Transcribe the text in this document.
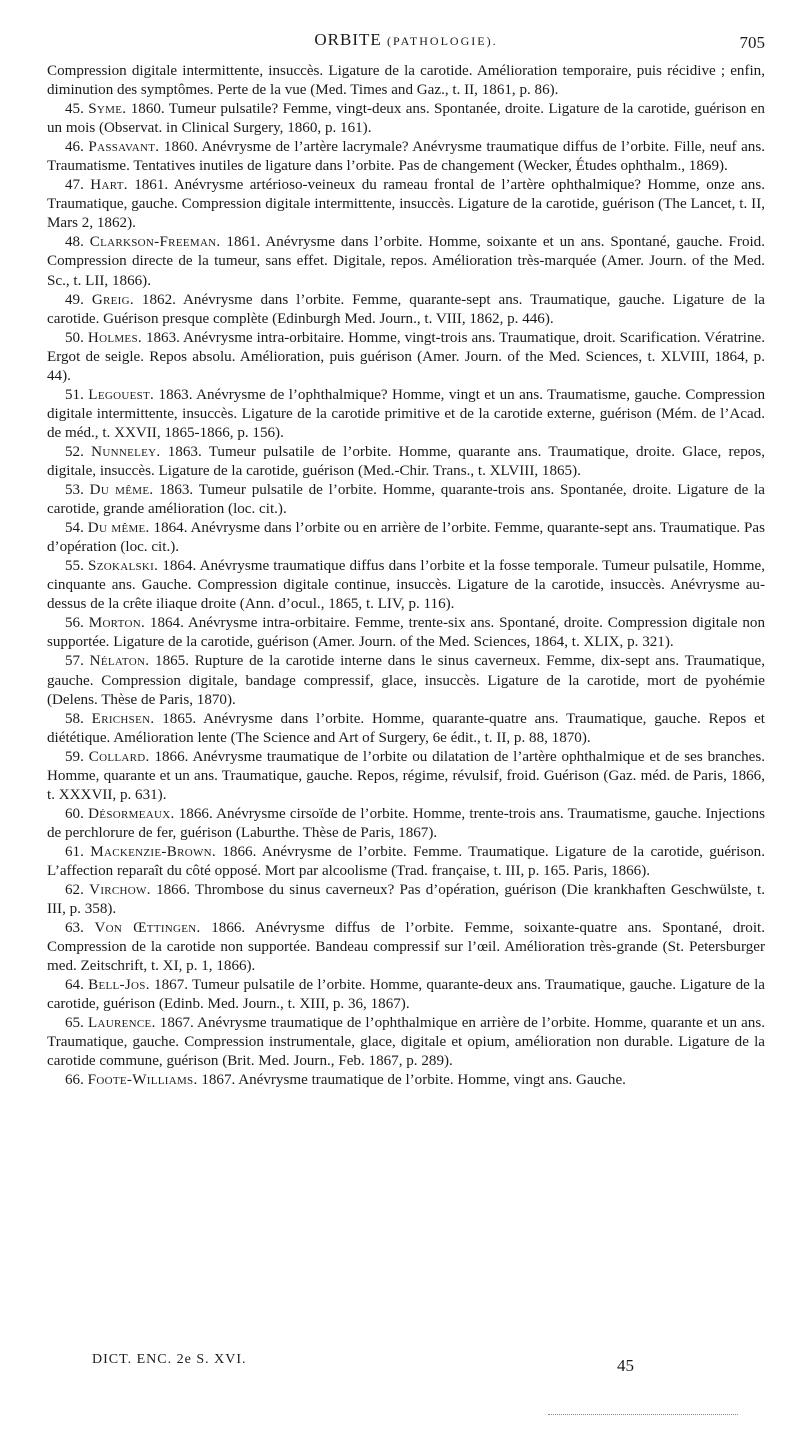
ORBITE (PATHOLOGIE).	705

Compression digitale intermittente, insuccès. Ligature de la carotide. Amélioration temporaire, puis récidive ; enfin, diminution des symptômes. Perte de la vue (Med. Times and Gaz., t. II, 1861, p. 86).

45. Syme. 1860. Tumeur pulsatile? Femme, vingt-deux ans. Spontanée, droite. Ligature de la carotide, guérison en un mois (Observat. in Clinical Surgery, 1860, p. 161).

46. Passavant. 1860. Anévrysme de l’artère lacrymale? Anévrysme traumatique diffus de l’orbite. Fille, neuf ans. Traumatisme. Tentatives inutiles de ligature dans l’orbite. Pas de changement (Wecker, Études ophthalm., 1869).

47. Hart. 1861. Anévrysme artérioso-veineux du rameau frontal de l’artère ophthalmique? Homme, onze ans. Traumatique, gauche. Compression digitale intermittente, insuccès. Ligature de la carotide, guérison (The Lancet, t. II, Mars 2, 1862).

48. Clarkson-Freeman. 1861. Anévrysme dans l’orbite. Homme, soixante et un ans. Spontané, gauche. Froid. Compression directe de la tumeur, sans effet. Digitale, repos. Amélioration très-marquée (Amer. Journ. of the Med. Sc., t. LII, 1866).

49. Greig. 1862. Anévrysme dans l’orbite. Femme, quarante-sept ans. Traumatique, gauche. Ligature de la carotide. Guérison presque complète (Edinburgh Med. Journ., t. VIII, 1862, p. 446).

50. Holmes. 1863. Anévrysme intra-orbitaire. Homme, vingt-trois ans. Traumatique, droit. Scarification. Vératrine. Ergot de seigle. Repos absolu. Amélioration, puis guérison (Amer. Journ. of the Med. Sciences, t. XLVIII, 1864, p. 44).

51. Legouest. 1863. Anévrysme de l’ophthalmique? Homme, vingt et un ans. Traumatisme, gauche. Compression digitale intermittente, insuccès. Ligature de la carotide primitive et de la carotide externe, guérison (Mém. de l’Acad. de méd., t. XXVII, 1865-1866, p. 156).

52. Nunneley. 1863. Tumeur pulsatile de l’orbite. Homme, quarante ans. Traumatique, droite. Glace, repos, digitale, insuccès. Ligature de la carotide, guérison (Med.-Chir. Trans., t. XLVIII, 1865).

53. Du même. 1863. Tumeur pulsatile de l’orbite. Homme, quarante-trois ans. Spontanée, droite. Ligature de la carotide, grande amélioration (loc. cit.).

54. Du même. 1864. Anévrysme dans l’orbite ou en arrière de l’orbite. Femme, quarante-sept ans. Traumatique. Pas d’opération (loc. cit.).

55. Szokalski. 1864. Anévrysme traumatique diffus dans l’orbite et la fosse temporale. Tumeur pulsatile, Homme, cinquante ans. Gauche. Compression digitale continue, insuccès. Ligature de la carotide, insuccès. Anévrysme au-dessus de la crête iliaque droite (Ann. d’ocul., 1865, t. LIV, p. 116).

56. Morton. 1864. Anévrysme intra-orbitaire. Femme, trente-six ans. Spontané, droite. Compression digitale non supportée. Ligature de la carotide, guérison (Amer. Journ. of the Med. Sciences, 1864, t. XLIX, p. 321).

57. Nélaton. 1865. Rupture de la carotide interne dans le sinus caverneux. Femme, dix-sept ans. Traumatique, gauche. Compression digitale, bandage compressif, glace, insuccès. Ligature de la carotide, mort de pyohémie (Delens. Thèse de Paris, 1870).

58. Erichsen. 1865. Anévrysme dans l’orbite. Homme, quarante-quatre ans. Traumatique, gauche. Repos et diététique. Amélioration lente (The Science and Art of Surgery, 6e édit., t. II, p. 88, 1870).

59. Collard. 1866. Anévrysme traumatique de l’orbite ou dilatation de l’artère ophthalmique et de ses branches. Homme, quarante et un ans. Traumatique, gauche. Repos, régime, révulsif, froid. Guérison (Gaz. méd. de Paris, 1866, t. XXXVII, p. 631).

60. Désormeaux. 1866. Anévrysme cirsoïde de l’orbite. Homme, trente-trois ans. Traumatisme, gauche. Injections de perchlorure de fer, guérison (Laburthe. Thèse de Paris, 1867).

61. Mackenzie-Brown. 1866. Anévrysme de l’orbite. Femme. Traumatique. Ligature de la carotide, guérison. L’affection reparaît du côté opposé. Mort par alcoolisme (Trad. française, t. III, p. 165. Paris, 1866).

62. Virchow. 1866. Thrombose du sinus caverneux? Pas d’opération, guérison (Die krankhaften Geschwülste, t. III, p. 358).

63. Von Œttingen. 1866. Anévrysme diffus de l’orbite. Femme, soixante-quatre ans. Spontané, droit. Compression de la carotide non supportée. Bandeau compressif sur l’œil. Amélioration très-grande (St. Petersburger med. Zeitschrift, t. XI, p. 1, 1866).

64. Bell-Jos. 1867. Tumeur pulsatile de l’orbite. Homme, quarante-deux ans. Traumatique, gauche. Ligature de la carotide, guérison (Edinb. Med. Journ., t. XIII, p. 36, 1867).

65. Laurence. 1867. Anévrysme traumatique de l’ophthalmique en arrière de l’orbite. Homme, quarante et un ans. Traumatique, gauche. Compression instrumentale, glace, digitale et opium, amélioration non durable. Ligature de la carotide commune, guérison (Brit. Med. Journ., Feb. 1867, p. 289).

66. Foote-Williams. 1867. Anévrysme traumatique de l’orbite. Homme, vingt ans. Gauche.

DICT. ENC. 2e S. XVI.	45
